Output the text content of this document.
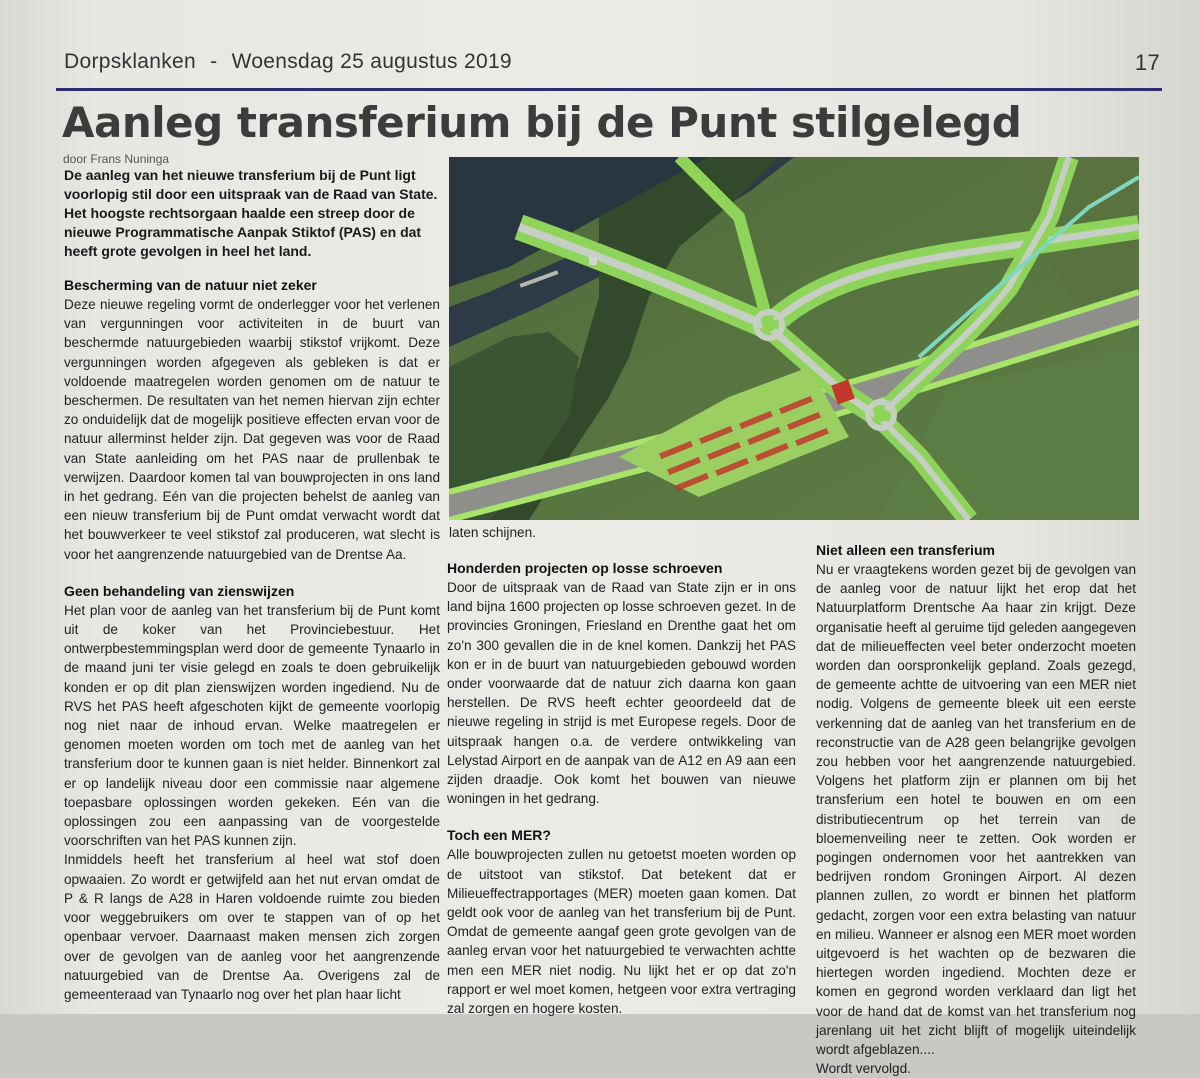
Dorpsklanken - Woensdag 25 augustus 2019	17
Aanleg transferium bij de Punt stilgelegd
door Frans Nuninga
De aanleg van het nieuwe transferium bij de Punt ligt voorlopig stil door een uitspraak van de Raad van State. Het hoogste rechtsorgaan haalde een streep door de nieuwe Programmatische Aanpak Stiktof (PAS) en dat heeft grote gevolgen in heel het land.
laten schijnen.
Bescherming van de natuur niet zeker

Deze nieuwe regeling vormt de onderlegger voor het verlenen van vergunningen voor activiteiten in de buurt van beschermde natuurgebieden waarbij stikstof vrijkomt. Deze vergunningen worden afgegeven als gebleken is dat er voldoende maatregelen worden genomen om de natuur te beschermen. De resultaten van het nemen hiervan zijn echter zo onduidelijk dat de mogelijk positieve effecten ervan voor de natuur allerminst helder zijn. Dat gegeven was voor de Raad van State aanleiding om het PAS naar de prullenbak te verwijzen. Daardoor komen tal van bouwprojecten in ons land in het gedrang. Eén van die projecten behelst de aanleg van een nieuw transferium bij de Punt omdat verwacht wordt dat het bouwverkeer te veel stikstof zal produceren, wat slecht is voor het aangrenzende natuurgebied van de Drentse Aa.

Geen behandeling van zienswijzen

Het plan voor de aanleg van het transferium bij de Punt komt uit de koker van het Provinciebestuur. Het ontwerpbestemmingsplan werd door de gemeente Tynaarlo in de maand juni ter visie gelegd en zoals te doen gebruikelijk konden er op dit plan zienswijzen worden ingediend. Nu de RVS het PAS heeft afgeschoten kijkt de gemeente voorlopig nog niet naar de inhoud ervan. Welke maatregelen er genomen moeten worden om toch met de aanleg van het transferium door te kunnen gaan is niet helder. Binnenkort zal er op landelijk niveau door een commissie naar algemene toepasbare oplossingen worden gekeken. Eén van die oplossingen zou een aanpassing van de voorgestelde voorschriften van het PAS kunnen zijn.

Inmiddels heeft het transferium al heel wat stof doen opwaaien. Zo wordt er getwijfeld aan het nut ervan omdat de P & R langs de A28 in Haren voldoende ruimte zou bieden voor weggebruikers om over te stappen van of op het openbaar vervoer. Daarnaast maken mensen zich zorgen over de gevolgen van de aanleg voor het aangrenzende natuurgebied van de Drentse Aa. Overigens zal de gemeenteraad van Tynaarlo nog over het plan haar licht

Honderden projecten op losse schroeven

Door de uitspraak van de Raad van State zijn er in ons land bijna 1600 projecten op losse schroeven gezet. In de provincies Groningen, Friesland en Drenthe gaat het om zo'n 300 gevallen die in de knel komen. Dankzij het PAS kon er in de buurt van natuurgebieden gebouwd worden onder voorwaarde dat de natuur zich daarna kon gaan herstellen. De RVS heeft echter geoordeeld dat de nieuwe regeling in strijd is met Europese regels. Door de uitspraak hangen o.a. de verdere ontwikkeling van Lelystad Airport en de aanpak van de A12 en A9 aan een zijden draadje. Ook komt het bouwen van nieuwe woningen in het gedrang.

Toch een MER?

Alle bouwprojecten zullen nu getoetst moeten worden op de uitstoot van stikstof. Dat betekent dat er Milieueffectrapportages (MER) moeten gaan komen. Dat geldt ook voor de aanleg van het transferium bij de Punt. Omdat de gemeente aangaf geen grote gevolgen van de aanleg ervan voor het natuurgebied te verwachten achtte men een MER niet nodig. Nu lijkt het er op dat zo'n rapport er wel moet komen, hetgeen voor extra vertraging zal zorgen en hogere kosten.

Niet alleen een transferium

Nu er vraagtekens worden gezet bij de gevolgen van de aanleg voor de natuur lijkt het erop dat het Natuurplatform Drentsche Aa haar zin krijgt. Deze organisatie heeft al geruime tijd geleden aangegeven dat de milieueffecten veel beter onderzocht moeten worden dan oorspronkelijk gepland. Zoals gezegd, de gemeente achtte de uitvoering van een MER niet nodig. Volgens de gemeente bleek uit een eerste verkenning dat de aanleg van het transferium en de reconstructie van de A28 geen belangrijke gevolgen zou hebben voor het aangrenzende natuurgebied. Volgens het platform zijn er plannen om bij het transferium een hotel te bouwen en om een distributiecentrum op het terrein van de bloemenveiling neer te zetten. Ook worden er pogingen ondernomen voor het aantrekken van bedrijven rondom Groningen Airport. Al dezen plannen zullen, zo wordt er binnen het platform gedacht, zorgen voor een extra belasting van natuur en milieu. Wanneer er alsnog een MER moet worden uitgevoerd is het wachten op de bezwaren die hiertegen worden ingediend. Mochten deze er komen en gegrond worden verklaard dan ligt het voor de hand dat de komst van het transferium nog jarenlang uit het zicht blijft of mogelijk uiteindelijk wordt afgeblazen....

Wordt vervolgd.
